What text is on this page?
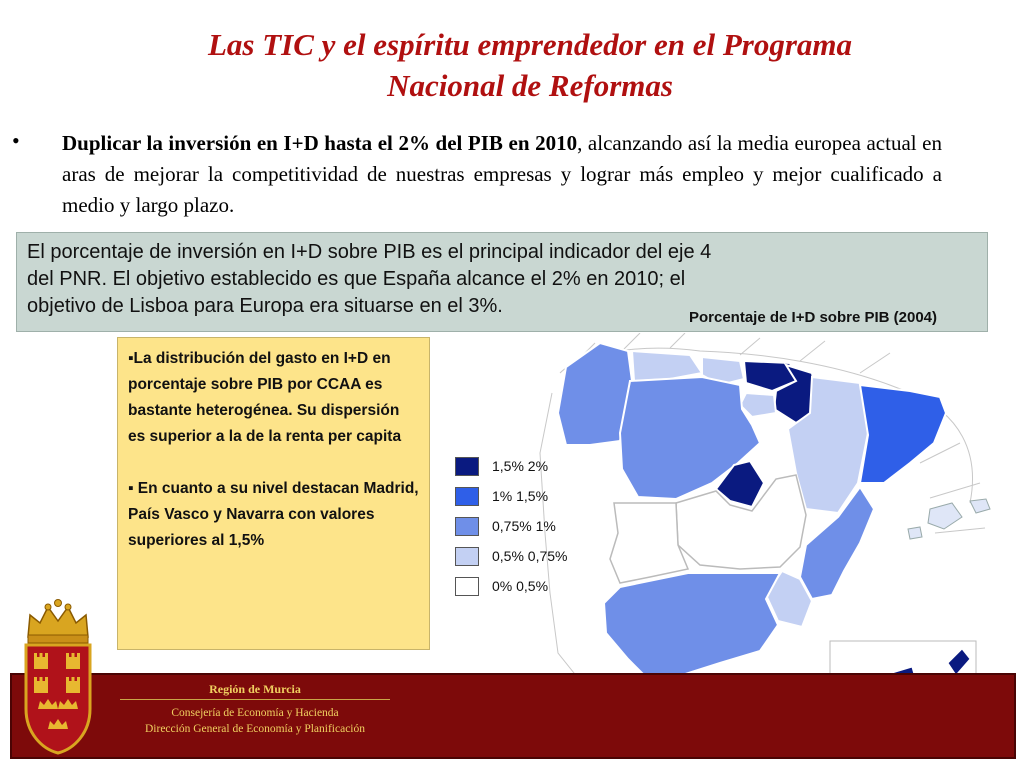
Las TIC y el espíritu emprendedor en el Programa
Nacional de Reformas
• Duplicar la inversión en I+D hasta el 2% del PIB en 2010, alcanzando así la media europea actual en aras de mejorar la competitividad de nuestras empresas y lograr más empleo y mejor cualificado a medio y largo plazo.
El porcentaje de inversión en I+D sobre PIB es el principal indicador del eje 4 del PNR. El objetivo establecido es que España alcance el 2% en 2010; el objetivo de Lisboa para Europa era situarse en el 3%.
Porcentaje de I+D sobre PIB (2004)

▪La distribución del gasto en I+D en porcentaje sobre PIB por CCAA es bastante heterogénea. Su dispersión es superior a la de la renta per capita

▪ En cuanto a su nivel destacan Madrid, País Vasco y Navarra con valores superiores al 1,5%

1,5% 2%
1% 1,5%
0,75% 1%
0,5% 0,75%
0% 0,5%
Región de Murcia
Consejería de Economía y Hacienda
Dirección General de Economía y Planificación
